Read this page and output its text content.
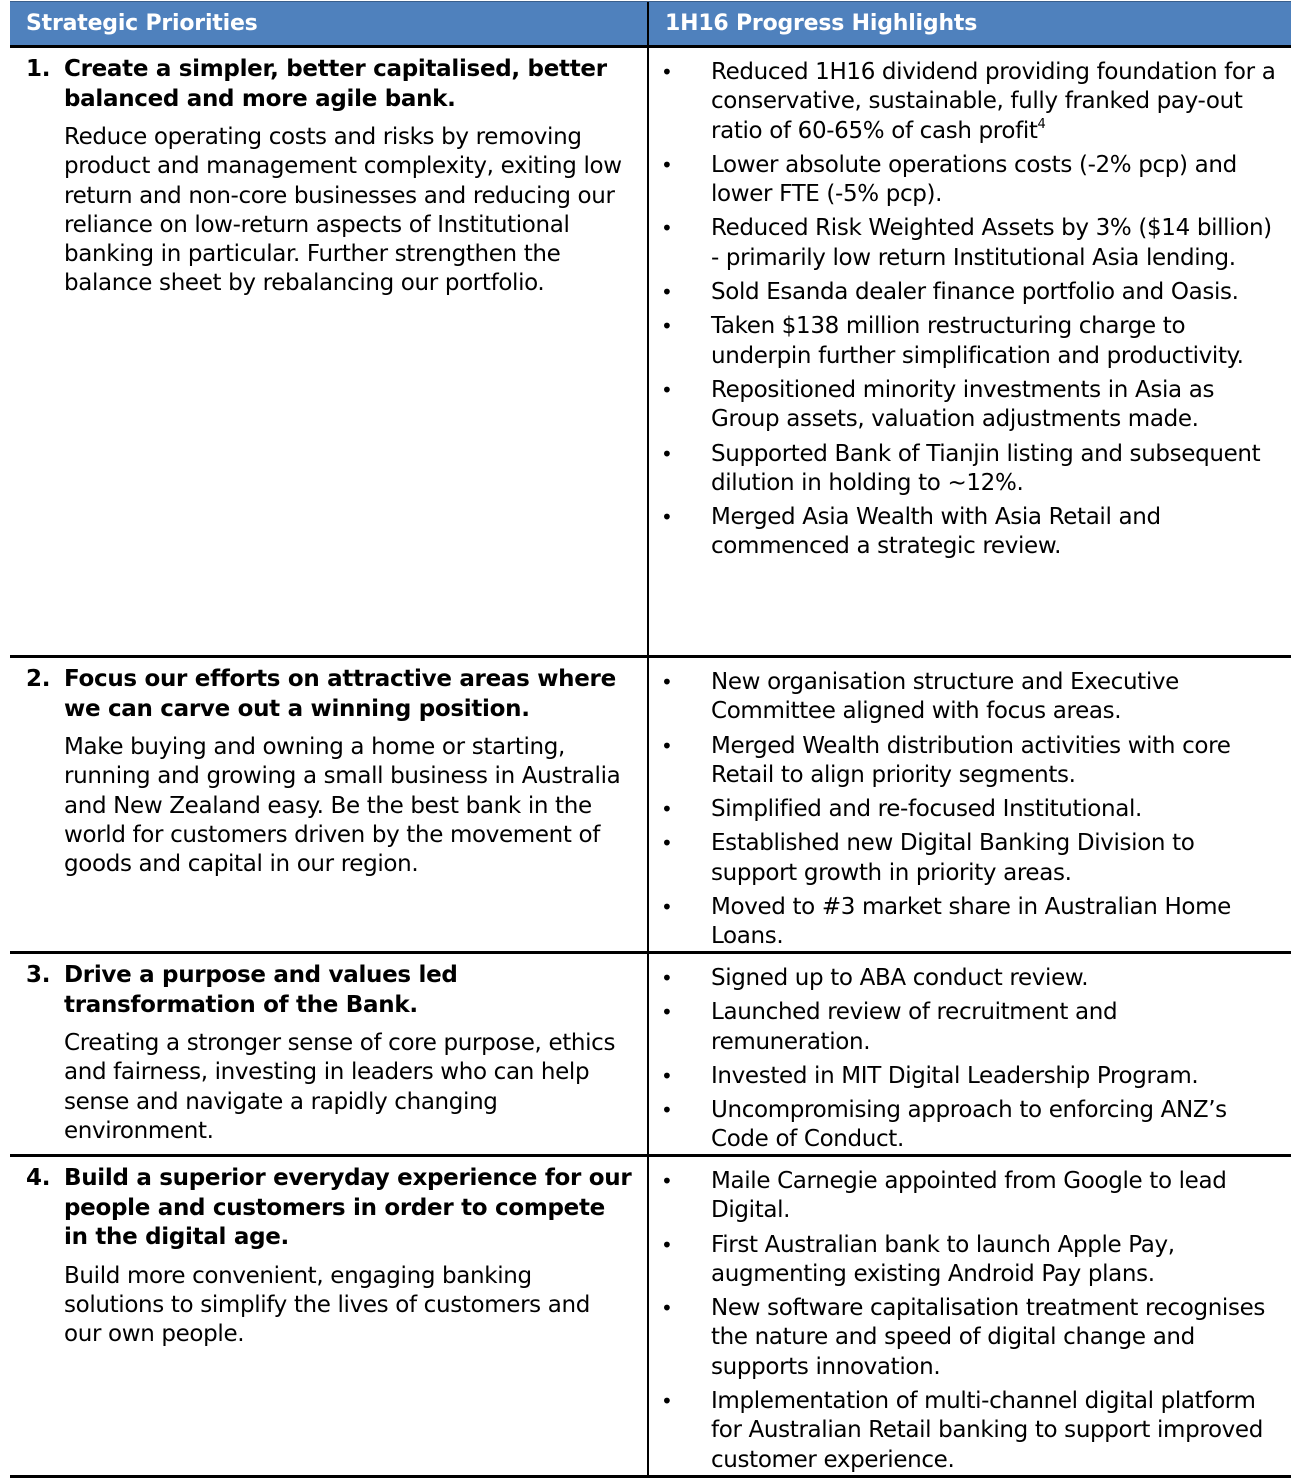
Strategic Priorities	1H16 Progress Highlights
1. Create a simpler, better capitalised, better balanced and more agile bank.
Reduce operating costs and risks by removing product and management complexity, exiting low return and non-core businesses and reducing our reliance on low-return aspects of Institutional banking in particular. Further strengthen the balance sheet by rebalancing our portfolio.
•	Reduced 1H16 dividend providing foundation for a conservative, sustainable, fully franked pay-out ratio of 60-65% of cash profit$^4$
•	Lower absolute operations costs (-2% pcp) and lower FTE (-5% pcp).
•	Reduced Risk Weighted Assets by 3% ($14 billion) - primarily low return Institutional Asia lending.
•	Sold Esanda dealer finance portfolio and Oasis.
•	Taken $138 million restructuring charge to underpin further simplification and productivity.
•	Repositioned minority investments in Asia as Group assets, valuation adjustments made.
•	Supported Bank of Tianjin listing and subsequent dilution in holding to ~12%.
•	Merged Asia Wealth with Asia Retail and commenced a strategic review.
2. Focus our efforts on attractive areas where we can carve out a winning position.
Make buying and owning a home or starting, running and growing a small business in Australia and New Zealand easy. Be the best bank in the world for customers driven by the movement of goods and capital in our region.
•	New organisation structure and Executive Committee aligned with focus areas.
•	Merged Wealth distribution activities with core Retail to align priority segments.
•	Simplified and re-focused Institutional.
•	Established new Digital Banking Division to support growth in priority areas.
•	Moved to #3 market share in Australian Home Loans.
3. Drive a purpose and values led transformation of the Bank.
Creating a stronger sense of core purpose, ethics and fairness, investing in leaders who can help sense and navigate a rapidly changing environment.
•	Signed up to ABA conduct review.
•	Launched review of recruitment and remuneration.
•	Invested in MIT Digital Leadership Program.
•	Uncompromising approach to enforcing ANZ’s Code of Conduct.
4. Build a superior everyday experience for our people and customers in order to compete in the digital age.
Build more convenient, engaging banking solutions to simplify the lives of customers and our own people.
•	Maile Carnegie appointed from Google to lead Digital.
•	First Australian bank to launch Apple Pay, augmenting existing Android Pay plans.
•	New software capitalisation treatment recognises the nature and speed of digital change and supports innovation.
•	Implementation of multi-channel digital platform for Australian Retail banking to support improved customer experience.
